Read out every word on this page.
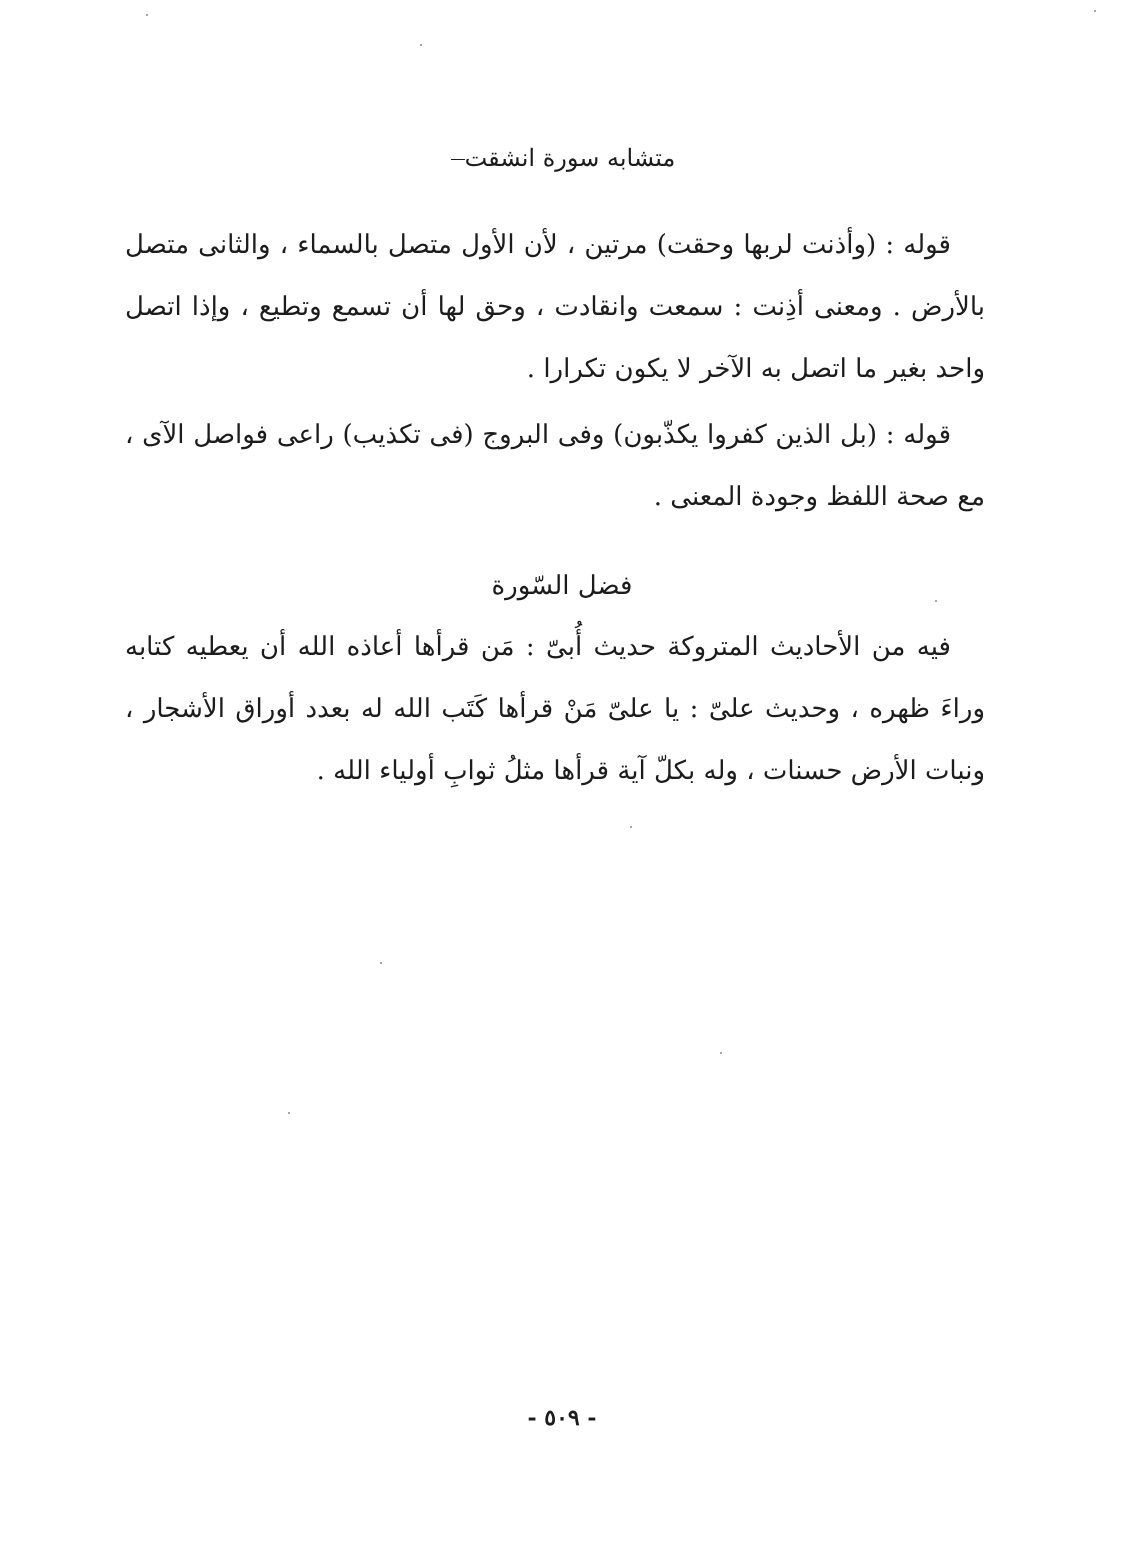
متشابه سورة انشقت

قوله : (وأذنت لربها وحقت) مرتين ، لأن الأول متصل بالسماء ، والثانى متصل بالأرض . ومعنى أذِنت : سمعت وانقادت ، وحق لها أن تسمع وتطيع ، وإذا اتصل واحد بغير ما اتصل به الآخر لا يكون تكرارا .

قوله : (بل الذين كفروا يكذّبون) وفى البروج (فى تكذيب) راعى فواصل الآى ، مع صحة اللفظ وجودة المعنى .

فضل السّورة

فيه من الأحاديث المتروكة حديث أُبىّ : مَن قرأها أعاذه الله أن يعطيه كتابه وراءَ ظهره ، وحديث علىّ : يا علىّ مَنْ قرأها كَتَب الله له بعدد أوراق الأشجار ، ونبات الأرض حسنات ، وله بكلّ آية قرأها مثلُ ثوابِ أولياء الله .

- ٥٠٩ -
